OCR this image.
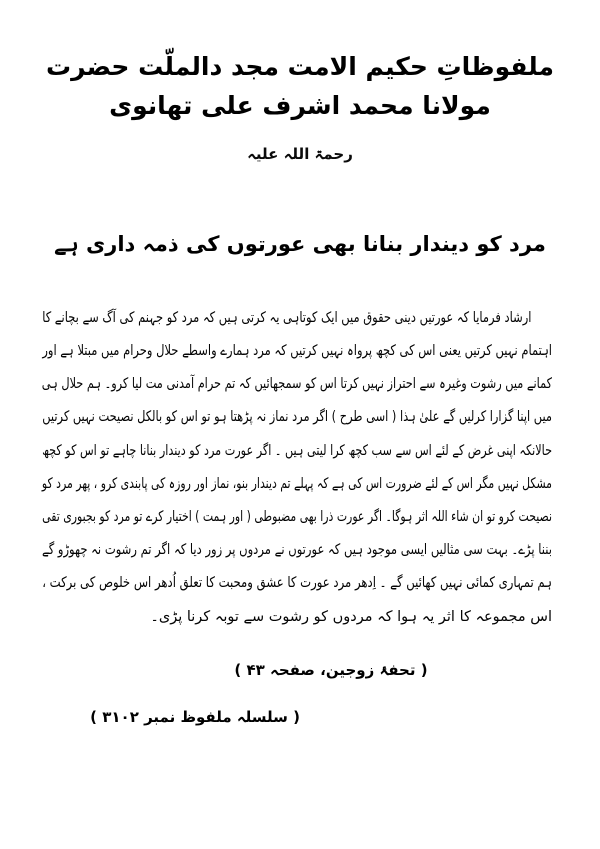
ملفوظاتِ حکیم الامت مجد دالملّت حضرت مولانا محمد اشرف علی تھانوی

رحمۃ اللہ علیہ

مرد کو دیندار بنانا بھی عورتوں کی ذمہ داری ہے

ارشاد فرمایا کہ عورتیں دینی حقوق میں ایک کوتاہی یہ کرتی ہیں کہ مرد کو جہنم کی آگ سے بچانے کا

اہتمام نہیں کرتیں یعنی اس کی کچھ پرواہ نہیں کرتیں کہ مرد ہمارے واسطے حلال وحرام میں مبتلا ہے اور

کمانے میں رشوت وغیرہ سے احتراز نہیں کرتا اس کو سمجھائیں کہ تم حرام آمدنی مت لیا کرو۔ ہم حلال ہی

میں اپنا گزارا کرلیں گے علیٰ ہذا ( اسی طرح ) اگر مرد نماز نہ پڑھتا ہو تو اس کو بالکل نصیحت نہیں کرتیں

حالانکہ اپنی غرض کے لئے اس سے سب کچھ کرا لیتی ہیں ۔ اگر عورت مرد کو دیندار بنانا چاہے تو اس کو کچھ

مشکل نہیں مگر اس کے لئے ضرورت اس کی ہے کہ پہلے تم دیندار بنو، نماز اور روزہ کی پابندی کرو ، پھر مرد کو

نصیحت کرو تو ان شاء اللہ اثر ہوگا۔ اگر عورت ذرا بھی مضبوطی ( اور ہمت ) اختیار کرے تو مرد کو بجبوری تقی

بننا پڑے۔ بہت سی مثالیں ایسی موجود ہیں کہ عورتوں نے مردوں پر زور دیا کہ اگر تم رشوت نہ چھوڑو گے

ہم تمہاری کمائی نہیں کھائیں گے ۔ اِدھر مرد عورت کا عشق ومحبت کا تعلق اُدھر اس خلوص کی برکت ،

اس مجموعہ کا اثر یہ ہوا کہ مردوں کو رشوت سے توبہ کرنا پڑی۔

( تحفۂ زوجین، صفحہ ۴۳ )

( سلسلہ ملفوظ نمبر ۳۱۰۲ )
